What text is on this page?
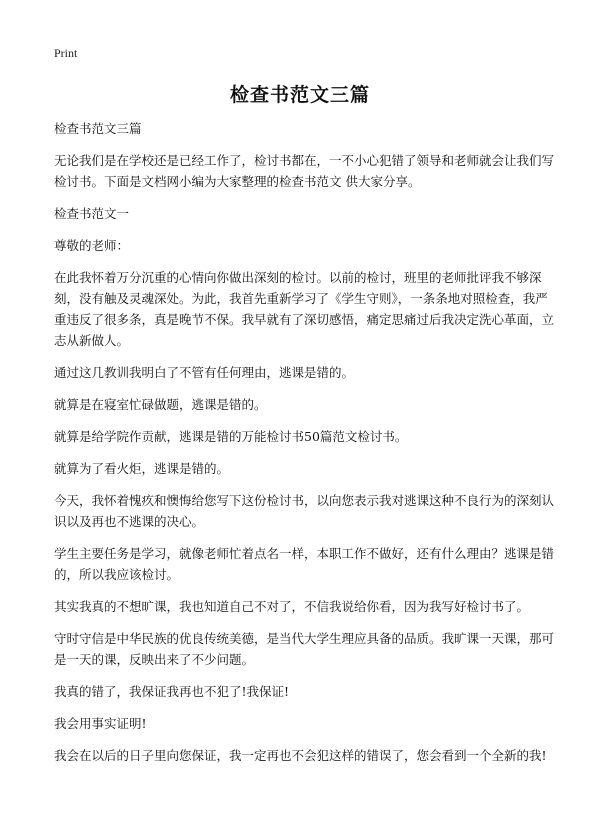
Print
检查书范文三篇

检查书范文三篇

无论我们是在学校还是已经工作了，检讨书都在，一不小心犯错了领导和老师就会让我们写检讨书。下面是文档网小编为大家整理的检查书范文 供大家分享。

检查书范文一

尊敬的老师：

在此我怀着万分沉重的心情向你做出深刻的检讨。以前的检讨，班里的老师批评我不够深刻，没有触及灵魂深处。为此，我首先重新学习了《学生守则》，一条条地对照检查，我严重违反了很多条，真是晚节不保。我早就有了深切感悟，痛定思痛过后我决定洗心革面，立志从新做人。

通过这几教训我明白了不管有任何理由，逃课是错的。

就算是在寝室忙碌做题，逃课是错的。

就算是给学院作贡献，逃课是错的万能检讨书50篇范文检讨书。

就算为了看火炬，逃课是错的。

今天，我怀着愧疚和懊悔给您写下这份检讨书，以向您表示我对逃课这种不良行为的深刻认识以及再也不逃课的决心。

学生主要任务是学习，就像老师忙着点名一样，本职工作不做好，还有什么理由？逃课是错的，所以我应该检讨。

其实我真的不想旷课，我也知道自己不对了，不信我说给你看，因为我写好检讨书了。

守时守信是中华民族的优良传统美德，是当代大学生理应具备的品质。我旷课一天课，那可是一天的课，反映出来了不少问题。

我真的错了，我保证我再也不犯了!我保证!

我会用事实证明!

我会在以后的日子里向您保证，我一定再也不会犯这样的错误了，您会看到一个全新的我!
